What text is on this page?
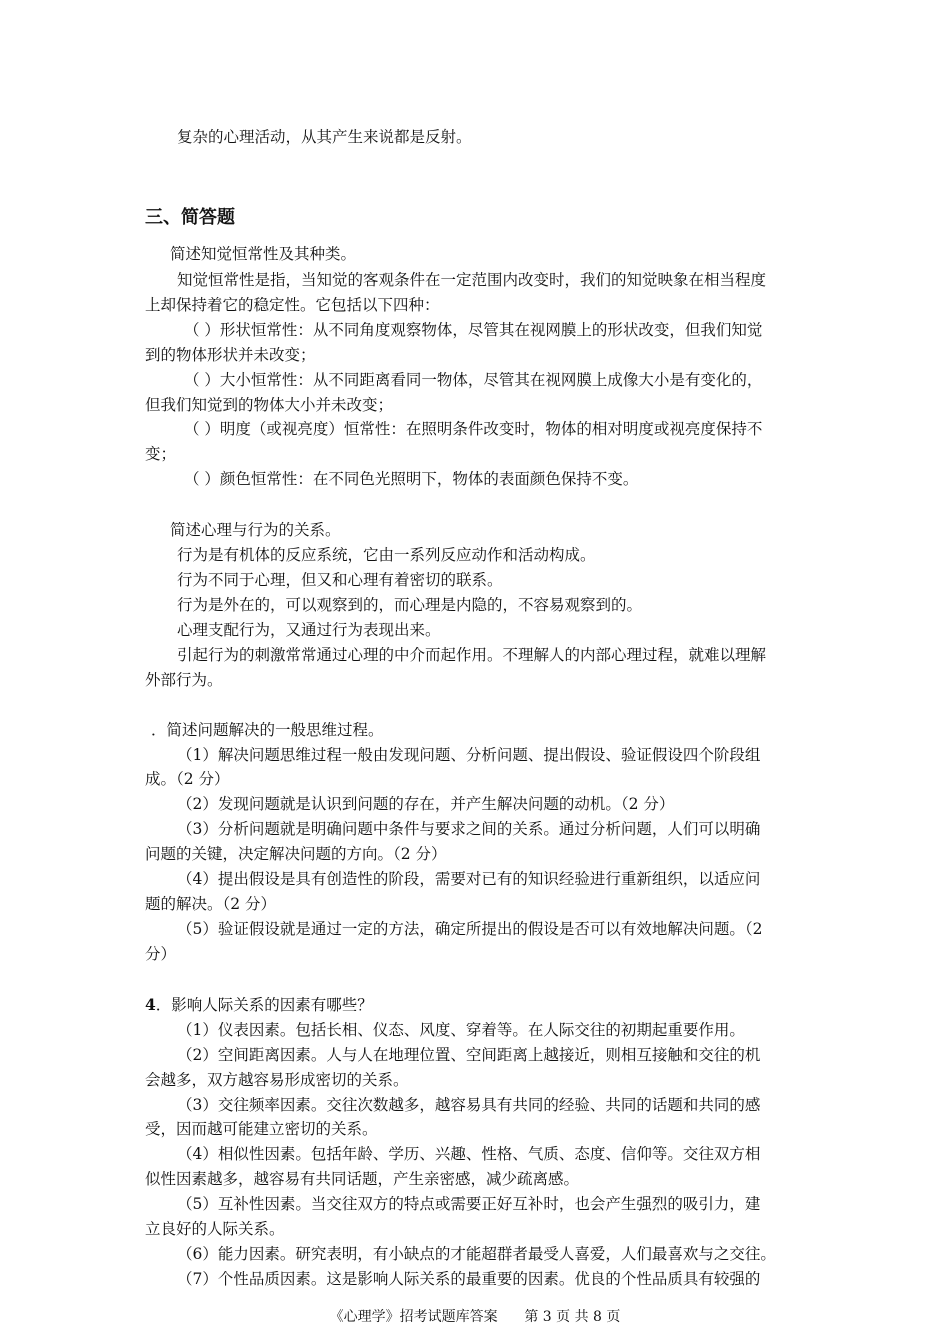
复杂的心理活动，从其产生来说都是反射。
三、简答题
简述知觉恒常性及其种类。
知觉恒常性是指，当知觉的客观条件在一定范围内改变时，我们的知觉映象在相当程度
上却保持着它的稳定性。它包括以下四种：
（ ）形状恒常性：从不同角度观察物体，尽管其在视网膜上的形状改变，但我们知觉
到的物体形状并未改变；
（ ）大小恒常性：从不同距离看同一物体，尽管其在视网膜上成像大小是有变化的，
但我们知觉到的物体大小并未改变；
（ ）明度（或视亮度）恒常性：在照明条件改变时，物体的相对明度或视亮度保持不
变；
（ ）颜色恒常性：在不同色光照明下，物体的表面颜色保持不变。
简述心理与行为的关系。
行为是有机体的反应系统，它由一系列反应动作和活动构成。
行为不同于心理，但又和心理有着密切的联系。
行为是外在的，可以观察到的，而心理是内隐的，不容易观察到的。
心理支配行为，又通过行为表现出来。
引起行为的刺激常常通过心理的中介而起作用。不理解人的内部心理过程，就难以理解
外部行为。
．简述问题解决的一般思维过程。
（1）解决问题思维过程一般由发现问题、分析问题、提出假设、验证假设四个阶段组
成。（2 分）
（2）发现问题就是认识到问题的存在，并产生解决问题的动机。（2 分）
（3）分析问题就是明确问题中条件与要求之间的关系。通过分析问题，人们可以明确
问题的关键，决定解决问题的方向。（2 分）
（4）提出假设是具有创造性的阶段，需要对已有的知识经验进行重新组织，以适应问
题的解决。（2 分）
（5）验证假设就是通过一定的方法，确定所提出的假设是否可以有效地解决问题。（2
分）
4．影响人际关系的因素有哪些？
（1）仪表因素。包括长相、仪态、风度、穿着等。在人际交往的初期起重要作用。
（2）空间距离因素。人与人在地理位置、空间距离上越接近，则相互接触和交往的机
会越多，双方越容易形成密切的关系。
（3）交往频率因素。交往次数越多，越容易具有共同的经验、共同的话题和共同的感
受，因而越可能建立密切的关系。
（4）相似性因素。包括年龄、学历、兴趣、性格、气质、态度、信仰等。交往双方相
似性因素越多，越容易有共同话题，产生亲密感，减少疏离感。
（5）互补性因素。当交往双方的特点或需要正好互补时，也会产生强烈的吸引力，建
立良好的人际关系。
（6）能力因素。研究表明，有小缺点的才能超群者最受人喜爱，人们最喜欢与之交往。
（7）个性品质因素。这是影响人际关系的最重要的因素。优良的个性品质具有较强的
《心理学》招考试题库答案 第 3 页 共 8 页
